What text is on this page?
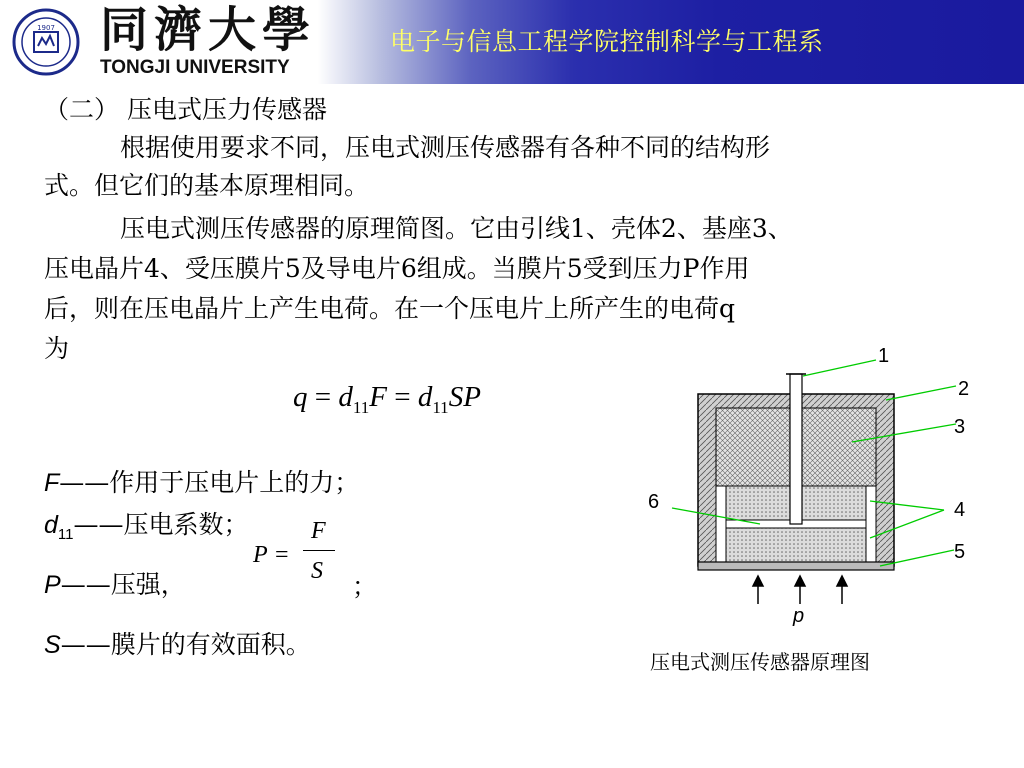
1907 同濟大學
TONGJI UNIVERSITY
电子与信息工程学院控制科学与工程系
（二） 压电式压力传感器
根据使用要求不同，压电式测压传感器有各种不同的结构形
式。但它们的基本原理相同。
压电式测压传感器的原理简图。它由引线1、壳体2、基座3、
压电晶片4、受压膜片5及导电片6组成。当膜片5受到压力P作用
后，则在压电晶片上产生电荷。在一个压电片上所产生的电荷q
为
$q = d_{11}F = d_{11}SP$
F——作用于压电片上的力；
$d_{11}——$压电系数；
P =
F
S
P——压强，	；
S——膜片的有效面积。
p
1
2
3
4
5
6
压电式测压传感器原理图
